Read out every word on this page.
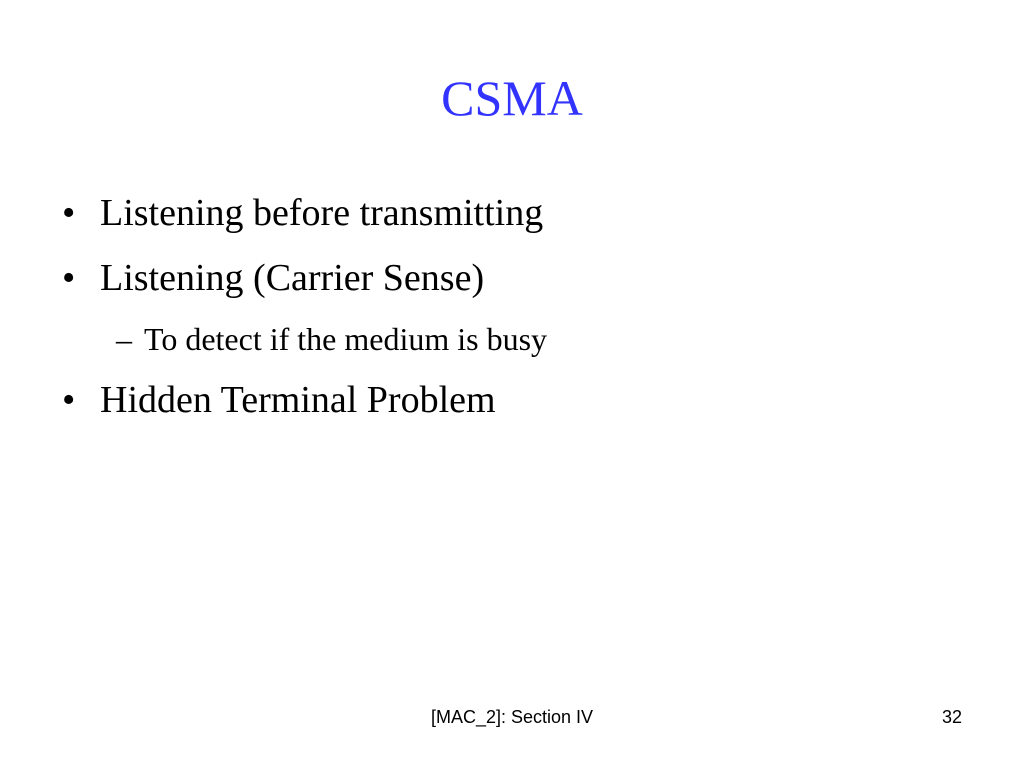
CSMA
• Listening before transmitting
• Listening (Carrier Sense)
– To detect if the medium is busy
• Hidden Terminal Problem
[MAC_2]: Section IV	32
